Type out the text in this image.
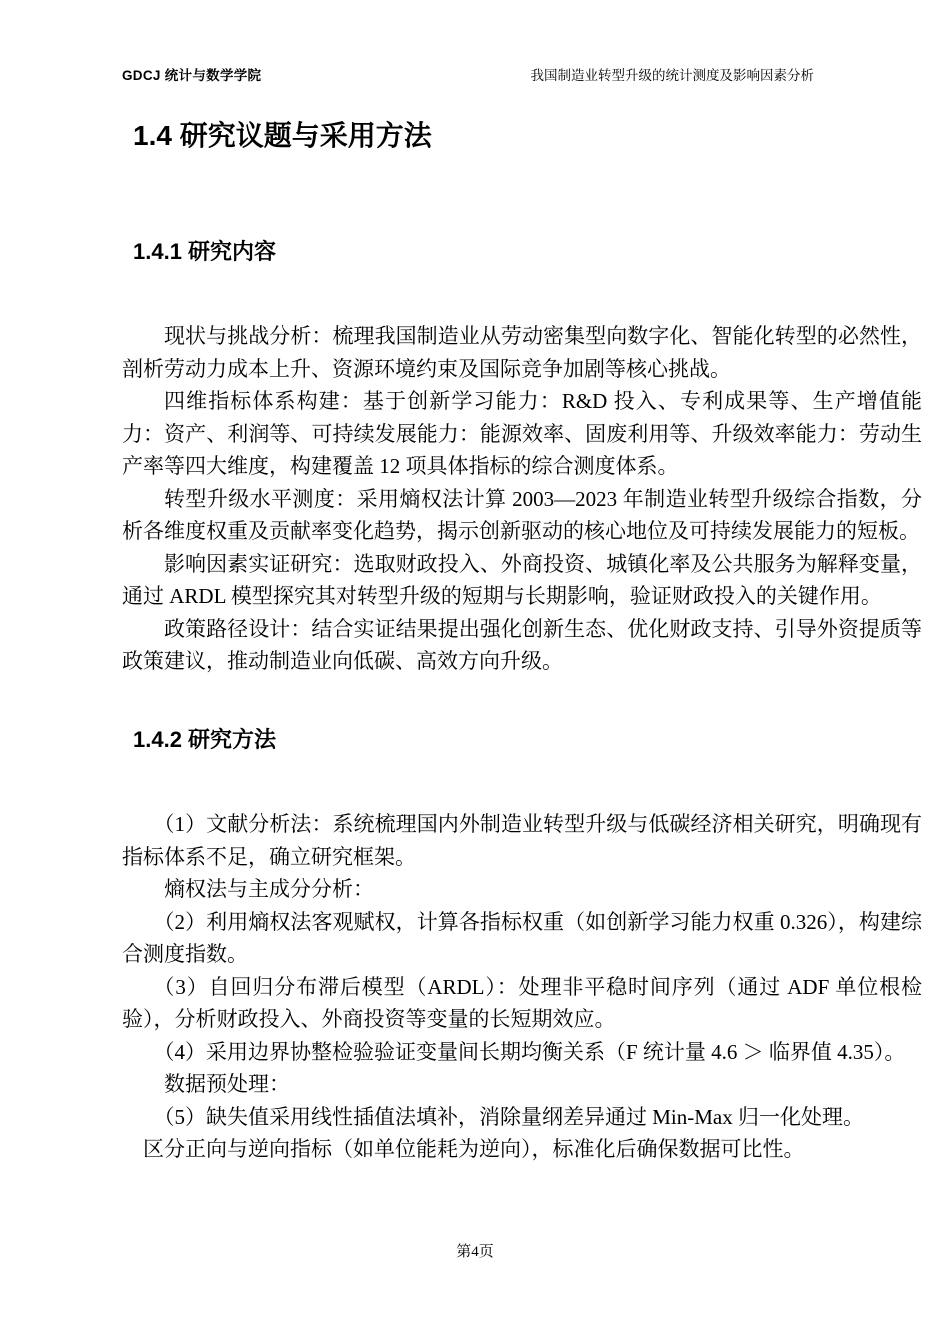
GDCJ 统计与数学学院	我国制造业转型升级的统计测度及影响因素分析
1.4 研究议题与采用方法
1.4.1 研究内容

现状与挑战分析：梳理我国制造业从劳动密集型向数字化、智能化转型的必然性，剖析劳动力成本上升、资源环境约束及国际竞争加剧等核心挑战。

四维指标体系构建：基于创新学习能力：R&D 投入、专利成果等、生产增值能力：资产、利润等、可持续发展能力：能源效率、固废利用等、升级效率能力：劳动生产率等四大维度，构建覆盖 12 项具体指标的综合测度体系。

转型升级水平测度：采用熵权法计算 2003—2023 年制造业转型升级综合指数，分析各维度权重及贡献率变化趋势，揭示创新驱动的核心地位及可持续发展能力的短板。

影响因素实证研究：选取财政投入、外商投资、城镇化率及公共服务为解释变量，通过 ARDL 模型探究其对转型升级的短期与长期影响，验证财政投入的关键作用。

政策路径设计：结合实证结果提出强化创新生态、优化财政支持、引导外资提质等政策建议，推动制造业向低碳、高效方向升级。

1.4.2 研究方法

（1）文献分析法：系统梳理国内外制造业转型升级与低碳经济相关研究，明确现有指标体系不足，确立研究框架。

熵权法与主成分分析：

（2）利用熵权法客观赋权，计算各指标权重（如创新学习能力权重 0.326），构建综合测度指数。

（3）自回归分布滞后模型（ARDL）：处理非平稳时间序列（通过 ADF 单位根检验），分析财政投入、外商投资等变量的长短期效应。

（4）采用边界协整检验验证变量间长期均衡关系（F 统计量 4.6 ＞ 临界值 4.35）。

数据预处理：

（5）缺失值采用线性插值法填补，消除量纲差异通过 Min-Max 归一化处理。

区分正向与逆向指标（如单位能耗为逆向），标准化后确保数据可比性。

第4页
